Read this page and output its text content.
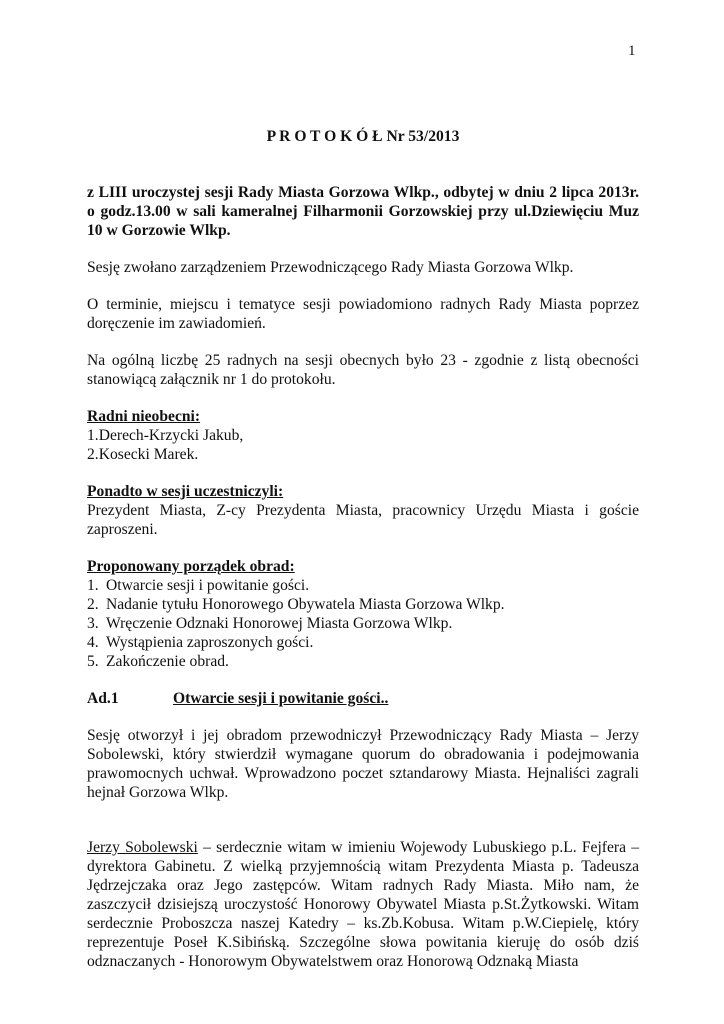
1
P R O T O K Ó Ł Nr 53/2013
z LIII uroczystej sesji Rady Miasta Gorzowa Wlkp., odbytej w dniu 2 lipca 2013r. o godz.13.00 w sali kameralnej Filharmonii Gorzowskiej przy ul.Dziewięciu Muz 10 w Gorzowie Wlkp.

Sesję zwołano zarządzeniem Przewodniczącego Rady Miasta Gorzowa Wlkp.

O terminie, miejscu i tematyce sesji powiadomiono radnych Rady Miasta poprzez doręczenie im zawiadomień.

Na ogólną liczbę 25 radnych na sesji obecnych było 23 - zgodnie z listą obecności stanowiącą załącznik nr 1 do protokołu.

Radni nieobecni:
1.Derech-Krzycki Jakub,
2.Kosecki Marek.
Ponadto w sesji uczestniczyli:
Prezydent Miasta, Z-cy Prezydenta Miasta, pracownicy Urzędu Miasta i goście zaproszeni.
Proponowany porządek obrad:
1. Otwarcie sesji i powitanie gości.
2. Nadanie tytułu Honorowego Obywatela Miasta Gorzowa Wlkp.
3. Wręczenie Odznaki Honorowej Miasta Gorzowa Wlkp.
4. Wystąpienia zaproszonych gości.
5. Zakończenie obrad.
Ad.1	Otwarcie sesji i powitanie gości..

Sesję otworzył i jej obradom przewodniczył Przewodniczący Rady Miasta – Jerzy Sobolewski, który stwierdził wymagane quorum do obradowania i podejmowania prawomocnych uchwał. Wprowadzono poczet sztandarowy Miasta. Hejnaliści zagrali hejnał Gorzowa Wlkp.

Jerzy Sobolewski – serdecznie witam w imieniu Wojewody Lubuskiego p.L. Fejfera – dyrektora Gabinetu. Z wielką przyjemnością witam Prezydenta Miasta p. Tadeusza Jędrzejczaka oraz Jego zastępców. Witam radnych Rady Miasta. Miło nam, że zaszczycił dzisiejszą uroczystość Honorowy Obywatel Miasta p.St.Żytkowski. Witam serdecznie Proboszcza naszej Katedry – ks.Zb.Kobusa. Witam p.W.Ciepielę, który reprezentuje Poseł K.Sibińską. Szczególne słowa powitania kieruję do osób dziś odznaczanych - Honorowym Obywatelstwem oraz Honorową Odznaką Miasta
